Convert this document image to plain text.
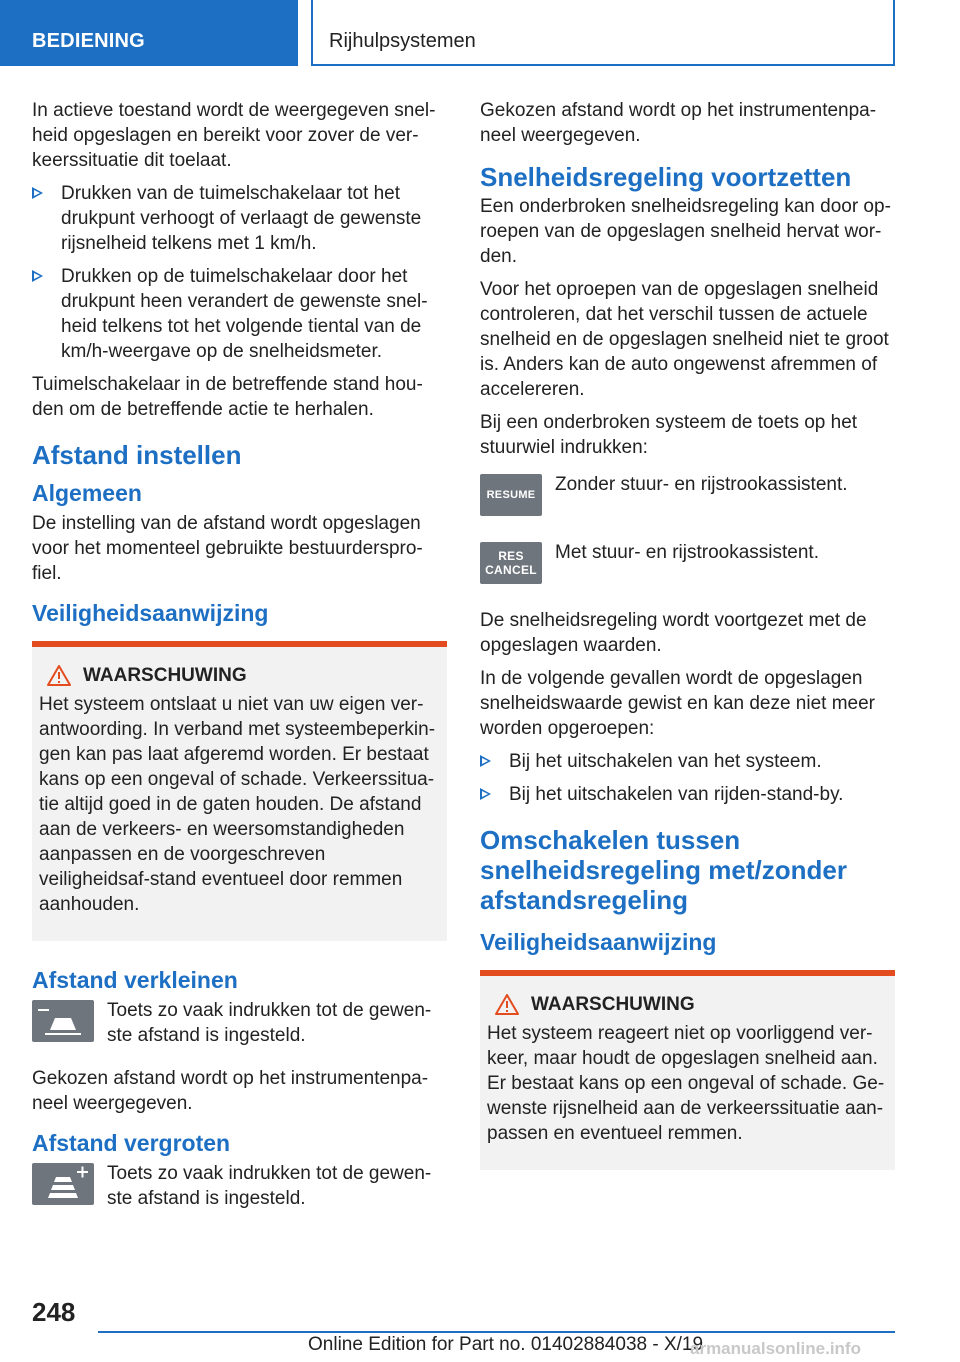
BEDIENING	Rijhulpsystemen

In actieve toestand wordt de weergegeven snel-heid opgeslagen en bereikt voor zover de ver-keerssituatie dit toelaat.

Drukken van de tuimelschakelaar tot het drukpunt verhoogt of verlaagt de gewenste rijsnelheid telkens met 1 km/h.
Drukken op de tuimelschakelaar door het drukpunt heen verandert de gewenste snel-heid telkens tot het volgende tiental van de km/h-weergave op de snelheidsmeter.

Tuimelschakelaar in de betreffende stand hou-den om de betreffende actie te herhalen.

Afstand instellen
Algemeen

De instelling van de afstand wordt opgeslagen voor het momenteel gebruikte bestuurderspro-fiel.

Veiligheidsaanwijzing
WAARSCHUWING
Het systeem ontslaat u niet van uw eigen ver-antwoording. In verband met systeembeperkin-gen kan pas laat afgeremd worden. Er bestaat kans op een ongeval of schade. Verkeerssitua-tie altijd goed in de gaten houden. De afstand aan de verkeers- en weersomstandigheden aanpassen en de voorgeschreven veiligheidsaf-stand eventueel door remmen aanhouden.
Afstand verkleinen
Toets zo vaak indrukken tot de gewen-ste afstand is ingesteld.

Gekozen afstand wordt op het instrumentenpa-neel weergegeven.

Afstand vergroten
Toets zo vaak indrukken tot de gewen-ste afstand is ingesteld.

Gekozen afstand wordt op het instrumentenpa-neel weergegeven.

Snelheidsregeling voortzetten

Een onderbroken snelheidsregeling kan door op-roepen van de opgeslagen snelheid hervat wor-den.

Voor het oproepen van de opgeslagen snelheid controleren, dat het verschil tussen de actuele snelheid en de opgeslagen snelheid niet te groot is. Anders kan de auto ongewenst afremmen of accelereren.

Bij een onderbroken systeem de toets op het stuurwiel indrukken:

RESUME Zonder stuur- en rijstrookassistent.
RES
CANCEL
Met stuur- en rijstrookassistent.

De snelheidsregeling wordt voortgezet met de opgeslagen waarden.

In de volgende gevallen wordt de opgeslagen snelheidswaarde gewist en kan deze niet meer worden opgeroepen:

Bij het uitschakelen van het systeem.
Bij het uitschakelen van rijden-stand-by.
Omschakelen tussen snelheidsregeling met/zonder afstandsregeling
Veiligheidsaanwijzing
WAARSCHUWING
Het systeem reageert niet op voorliggend ver-keer, maar houdt de opgeslagen snelheid aan. Er bestaat kans op een ongeval of schade. Ge-wenste rijsnelheid aan de verkeerssituatie aan-passen en eventueel remmen.
248
Online Edition for Part no. 01402884038 - X/19
armanualsonline.info
